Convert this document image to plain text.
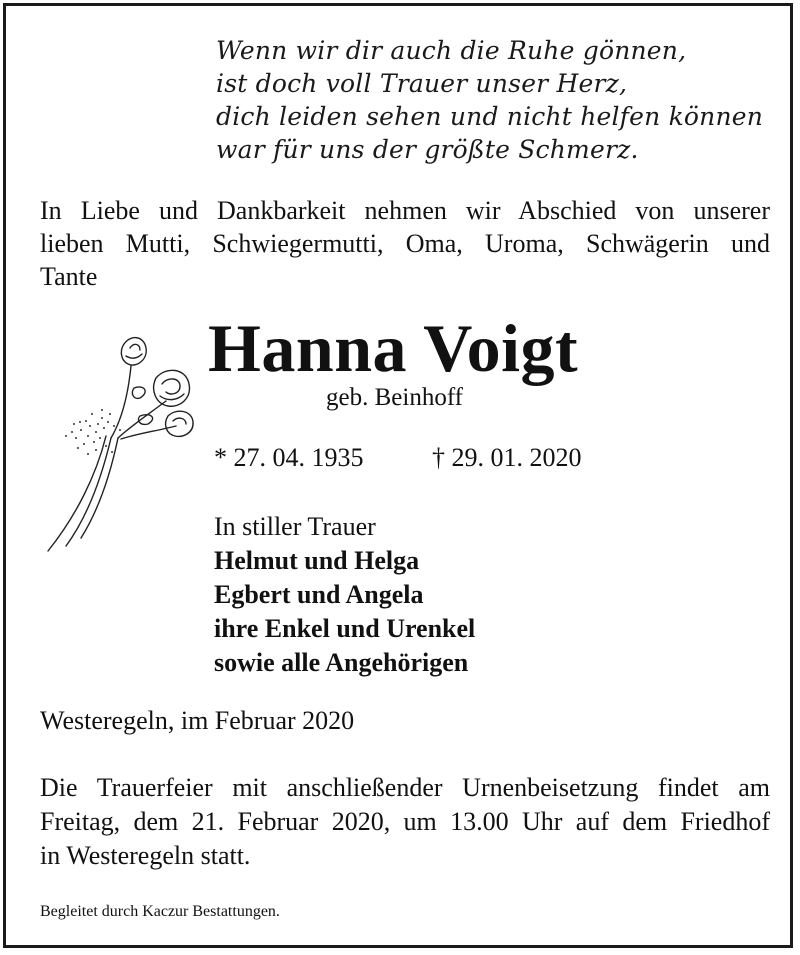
Wenn wir dir auch die Ruhe gönnen,
ist doch voll Trauer unser Herz,
dich leiden sehen und nicht helfen können
war für uns der größte Schmerz.
In Liebe und Dankbarkeit nehmen wir Abschied von unserer
lieben Mutti, Schwiegermutti, Oma, Uroma, Schwägerin und
Tante
Hanna Voigt
geb. Beinhoff
* 27. 04. 1935	† 29. 01. 2020
In stiller Trauer
Helmut und Helga
Egbert und Angela
ihre Enkel und Urenkel
sowie alle Angehörigen
Westeregeln, im Februar 2020
Die Trauerfeier mit anschließender Urnenbeisetzung findet am
Freitag, dem 21. Februar 2020, um 13.00 Uhr auf dem Friedhof
in Westeregeln statt.
Begleitet durch Kaczur Bestattungen.
